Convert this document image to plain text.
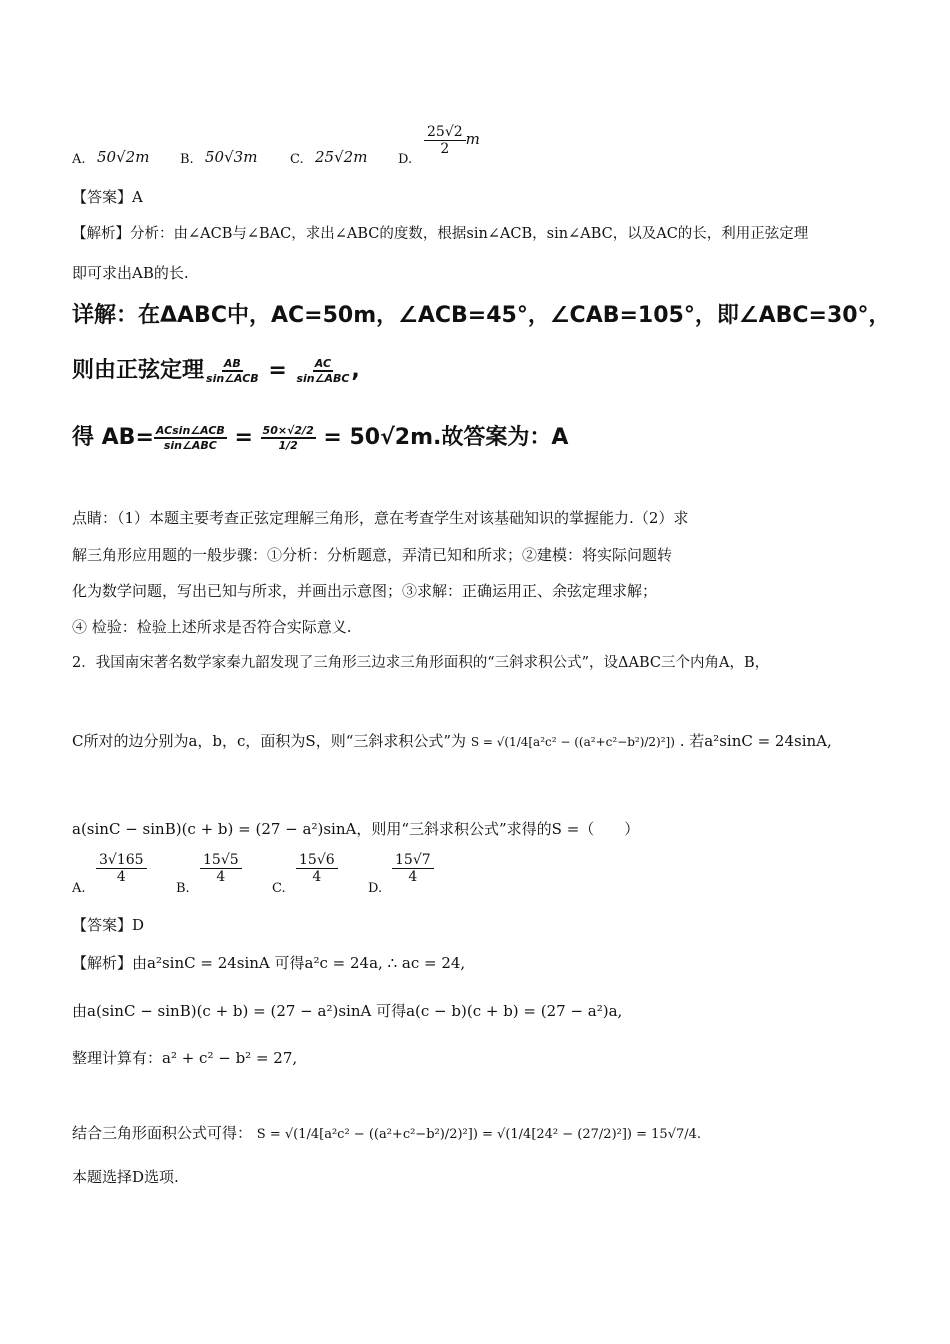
A. 50√2m B. 50√3m	C. 25√2m D.
$\frac{25√2}{2}$ m
【答案】A
【解析】分析：由∠ACB与∠BAC，求出∠ABC的度数，根据sin∠ACB，sin∠ABC，以及AC的长，利用正弦定理
即可求出AB的长.
详解：在ΔABC中，AC=50m，∠ACB=45°，∠CAB=105°，即∠ABC=30°，
则由正弦定理 AB
sin∠ACB = AC
sin∠ABC ,
得 AB= ACsin∠ACB
sin∠ABC = $\frac{50\times√2/2}{1/2} = 50√2m$.故答案为：A
点睛：（1）本题主要考查正弦定理解三角形，意在考查学生对该基础知识的掌握能力.（2）求
解三角形应用题的一般步骤：①分析：分析题意，弄清已知和所求；②建模：将实际问题转
化为数学问题，写出已知与所求，并画出示意图；③求解：正确运用正、余弦定理求解；
④ 检验：检验上述所求是否符合实际意义.
2．我国南宋著名数学家秦九韶发现了三角形三边求三角形面积的“三斜求积公式”，设ΔABC三个内角A，B，
C所对的边分别为a，b，c，面积为S，则“三斜求积公式”为 S = √(1/4[a²c² − ((a²+c²−b²)/2)²]) . 若a²sinC = 24sinA,
a(sinC − sinB)(c + b) = (27 − a²)sinA，则用“三斜求积公式”求得的S =（　　）
A.
$\frac{3√165}{4}$
B.
$\frac{15√5}{4}$
C.
$\frac{15√6}{4}$
D.
$\frac{15√7}{4}$
【答案】D
【解析】由a²sinC = 24sinA 可得a²c = 24a, ∴ ac = 24,
由a(sinC − sinB)(c + b) = (27 − a²)sinA 可得a(c − b)(c + b) = (27 − a²)a,
整理计算有：a² + c² − b² = 27,
结合三角形面积公式可得： S = √(1/4[a²c² − ((a²+c²−b²)/2)²]) = √(1/4[24² − (27/2)²]) = 15√7/4.
本题选择D选项.
